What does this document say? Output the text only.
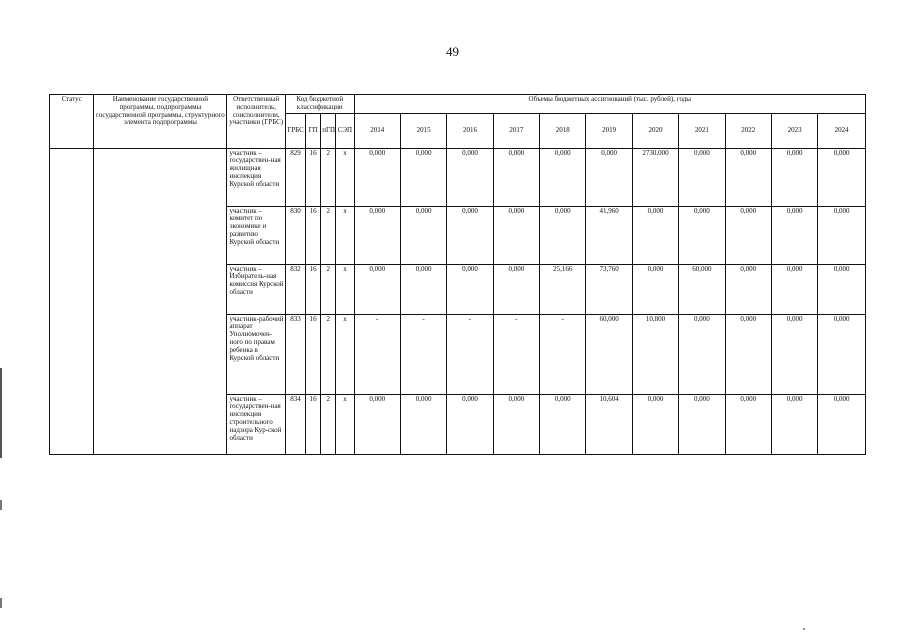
49
Статус	Наименование государственной программы, подпрограммы государственной программы, структурного элемента подпрограммы	Ответственный исполнитель, соисполнители, участники (ГРБС)	Код бюджетной классификации				Объемы бюджетных ассигнований (тыс. рублей), годы										
			ГРБС	ГП	пГП	СЭП	2014	2015	2016	2017	2018	2019	2020	2021	2022	2023	2024
		участник – государствен-ная жилищная инспекция Курской области	829	16	2	х	0,000	0,000	0,000	0,000	0,000	0,000	2730,000	0,000	0,000	0,000	0,000
		участник – комитет по экономике и развитию Курской области	830	16	2	х	0,000	0,000	0,000	0,000	0,000	41,960	0,000	0,000	0,000	0,000	0,000
		участник – Избиратель-ная комиссия Курской области	832	16	2	х	0,000	0,000	0,000	0,000	25,166	73,760	0,000	60,000	0,000	0,000	0,000
		участник-рабочий аппарат Уполномочен-ного по правам ребенка в Курской области	833	16	2	х	-	-	-	-	-	60,000	10,800	0,000	0,000	0,000	0,000
		участник – государствен-ная инспекция строительного надзора Кур-ской области	834	16	2	х	0,000	0,000	0,000	0,000	0,000	10,604	0,000	0,000	0,000	0,000	0,000
